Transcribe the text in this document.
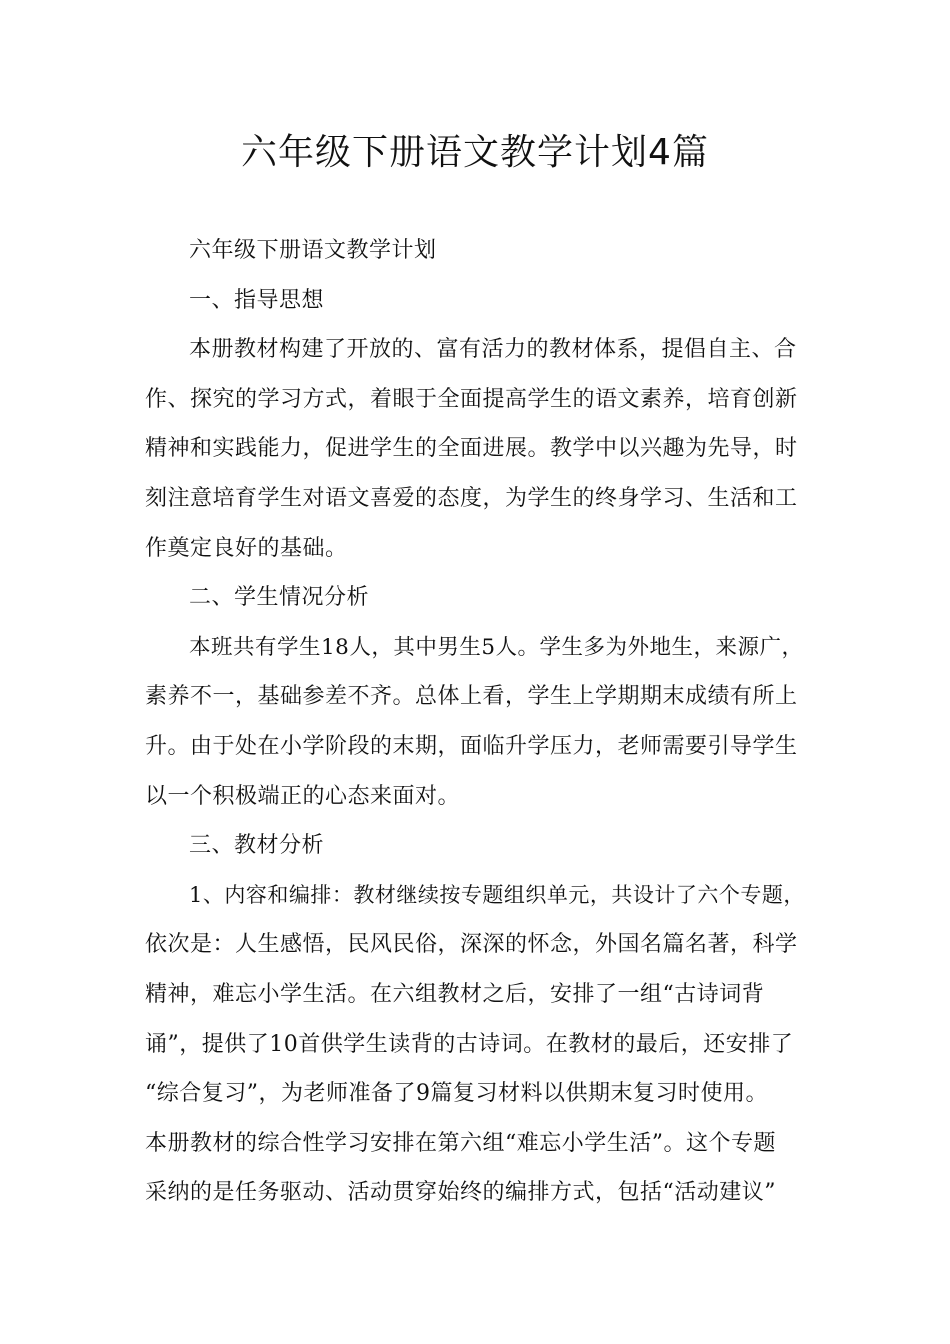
六年级下册语文教学计划4篇
六年级下册语文教学计划
一、指导思想
本册教材构建了开放的、富有活力的教材体系，提倡自主、合
作、探究的学习方式，着眼于全面提高学生的语文素养，培育创新
精神和实践能力，促进学生的全面进展。教学中以兴趣为先导，时
刻注意培育学生对语文喜爱的态度，为学生的终身学习、生活和工
作奠定良好的基础。
二、学生情况分析
本班共有学生18人，其中男生5人。学生多为外地生，来源广，
素养不一，基础参差不齐。总体上看，学生上学期期末成绩有所上
升。由于处在小学阶段的末期，面临升学压力，老师需要引导学生
以一个积极端正的心态来面对。
三、教材分析
1、内容和编排：教材继续按专题组织单元，共设计了六个专题，
依次是：人生感悟，民风民俗，深深的怀念，外国名篇名著，科学
精神，难忘小学生活。在六组教材之后，安排了一组“古诗词背
诵”，提供了10首供学生读背的古诗词。在教材的最后，还安排了
“综合复习”，为老师准备了9篇复习材料以供期末复习时使用。
本册教材的综合性学习安排在第六组“难忘小学生活”。这个专题
采纳的是任务驱动、活动贯穿始终的编排方式，包括“活动建议”
